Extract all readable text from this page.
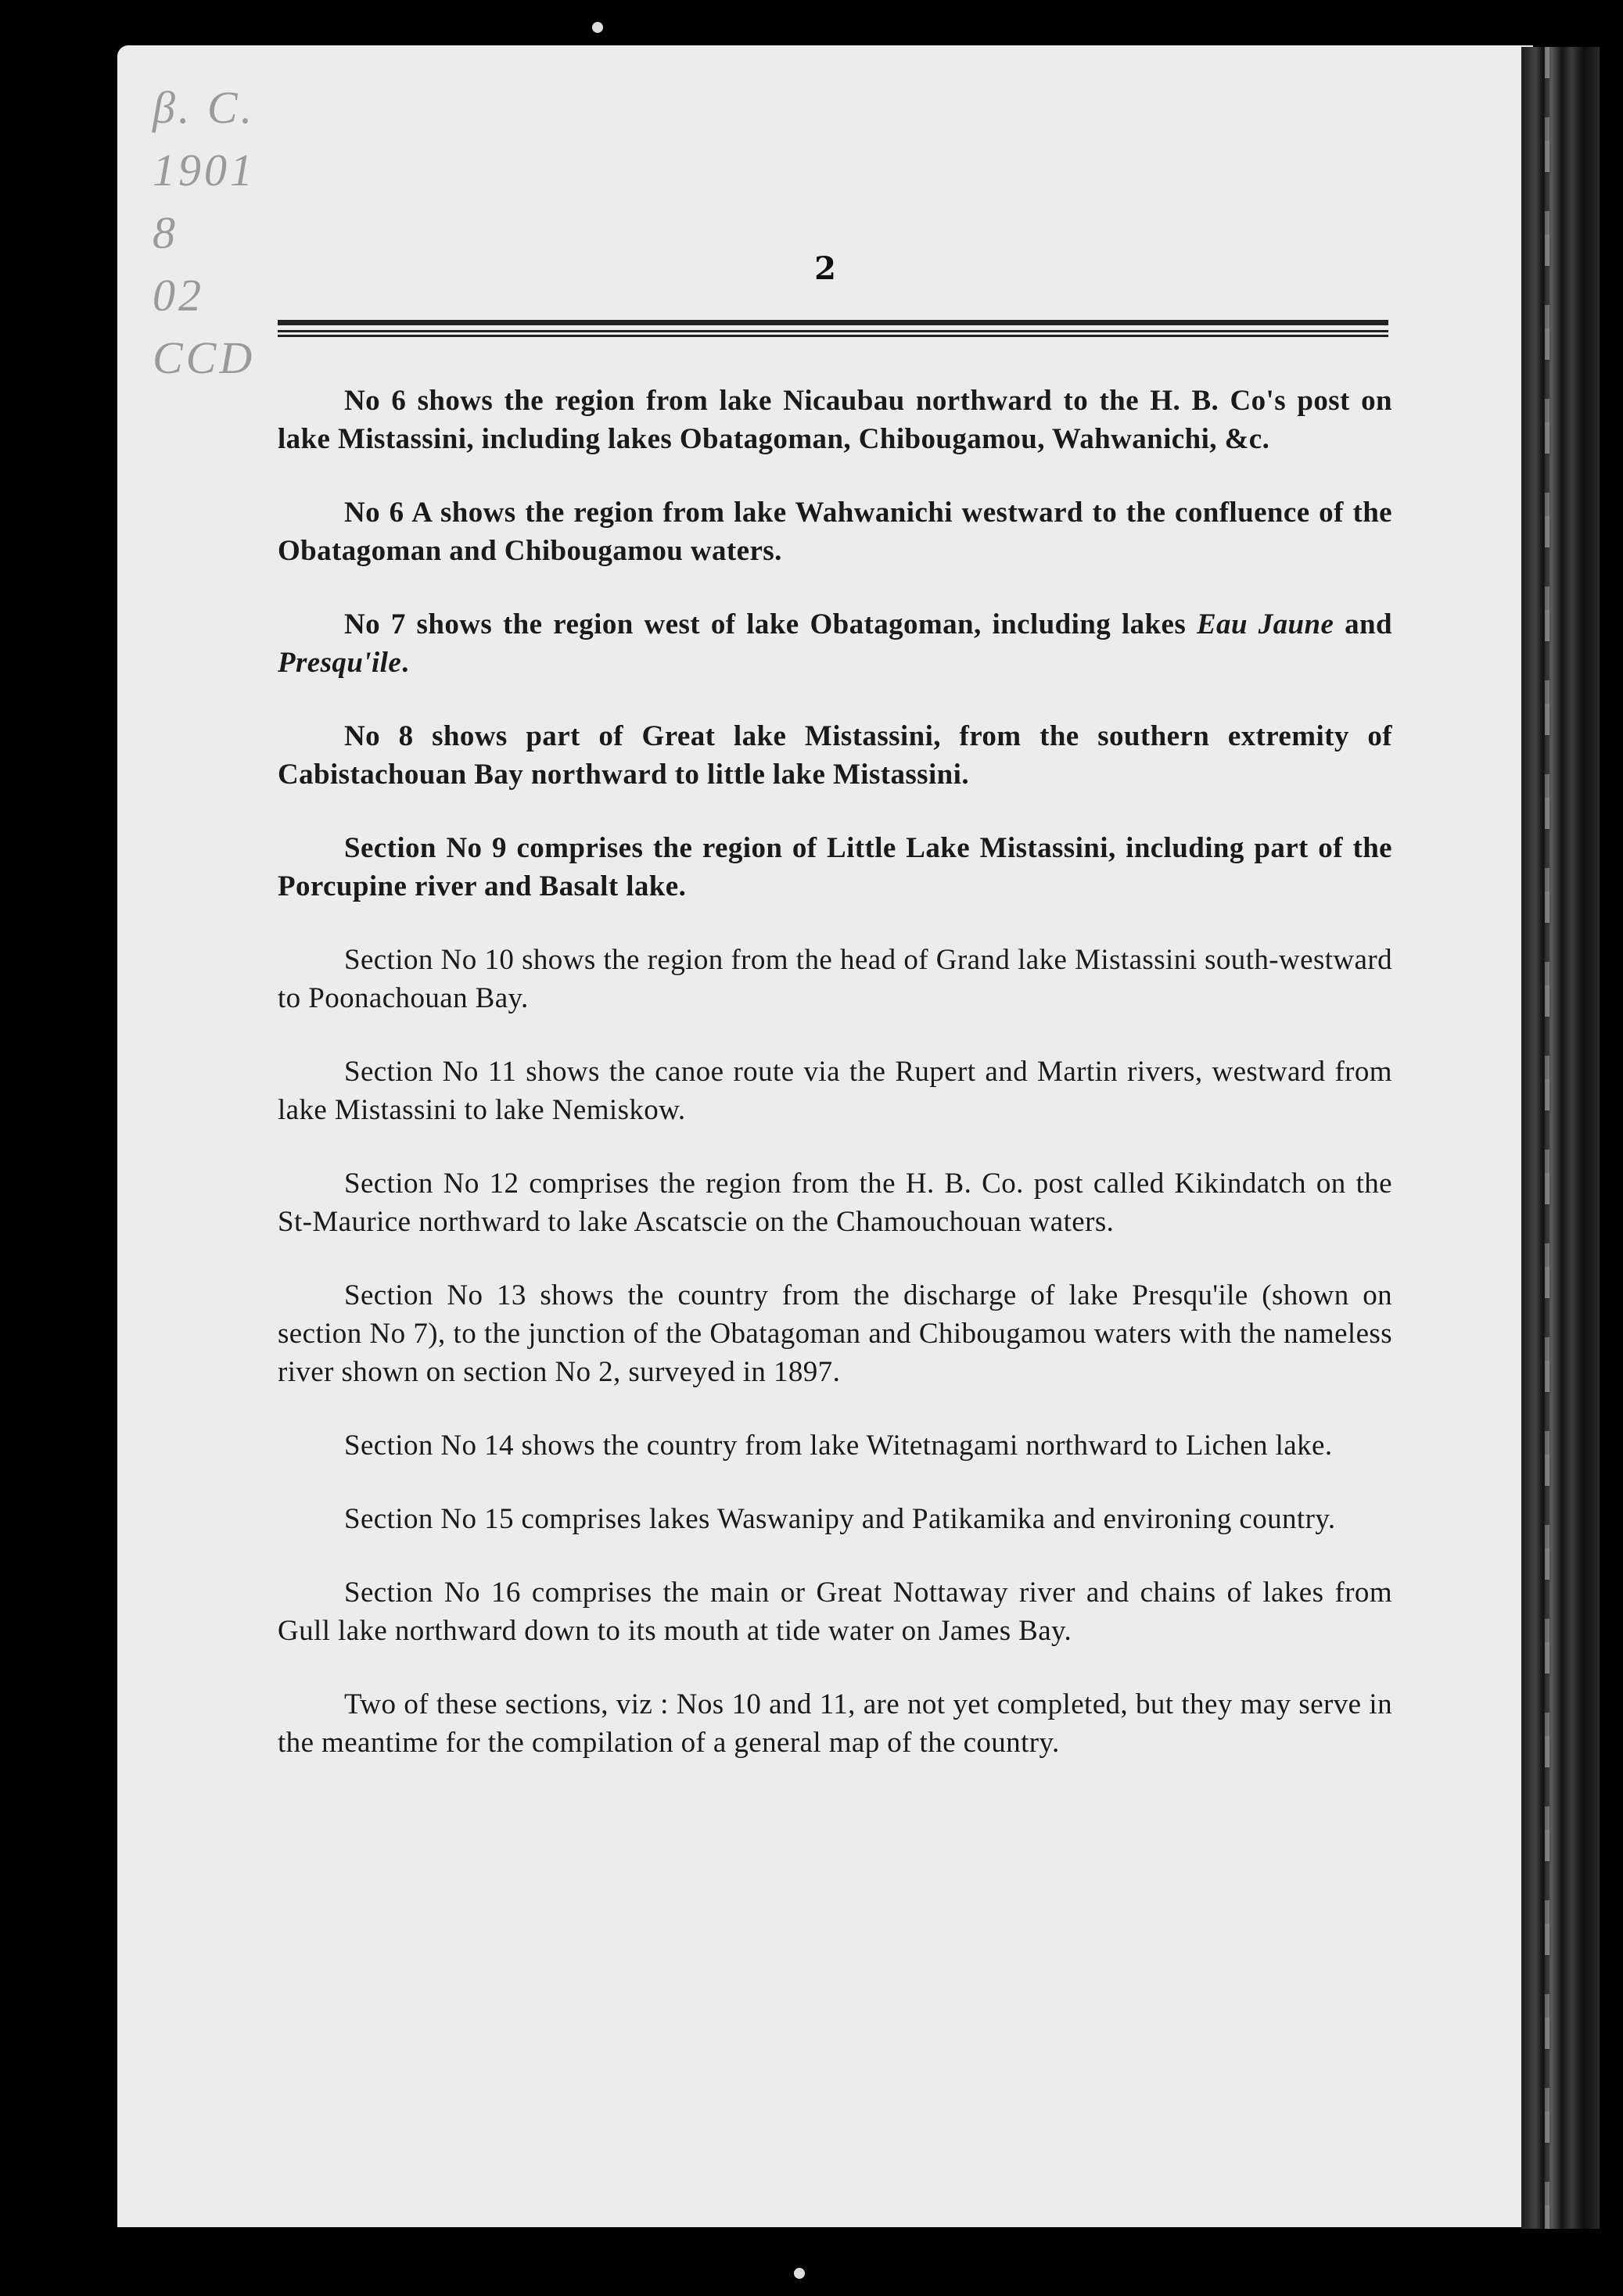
β. C.
1901
8
02
CCD
2

No 6 shows the region from lake Nicaubau northward to the H. B. Co's post on lake Mistassini, including lakes Obatagoman, Chibougamou, Wahwanichi, &c.

No 6 A shows the region from lake Wahwanichi westward to the confluence of the Obatagoman and Chibougamou waters.

No 7 shows the region west of lake Obatagoman, including lakes Eau Jaune and Presqu'ile.

No 8 shows part of Great lake Mistassini, from the southern extremity of Cabistachouan Bay northward to little lake Mistassini.

Section No 9 comprises the region of Little Lake Mistassini, including part of the Porcupine river and Basalt lake.

Section No 10 shows the region from the head of Grand lake Mistassini south-westward to Poonachouan Bay.

Section No 11 shows the canoe route via the Rupert and Martin rivers, westward from lake Mistassini to lake Nemiskow.

Section No 12 comprises the region from the H. B. Co. post called Kikindatch on the St-Maurice northward to lake Ascatscie on the Chamouchouan waters.

Section No 13 shows the country from the discharge of lake Presqu'ile (shown on section No 7), to the junction of the Obatagoman and Chibougamou waters with the nameless river shown on section No 2, surveyed in 1897.

Section No 14 shows the country from lake Witetnagami northward to Lichen lake.

Section No 15 comprises lakes Waswanipy and Patikamika and environing country.

Section No 16 comprises the main or Great Nottaway river and chains of lakes from Gull lake northward down to its mouth at tide water on James Bay.

Two of these sections, viz : Nos 10 and 11, are not yet completed, but they may serve in the meantime for the compilation of a general map of the country.
